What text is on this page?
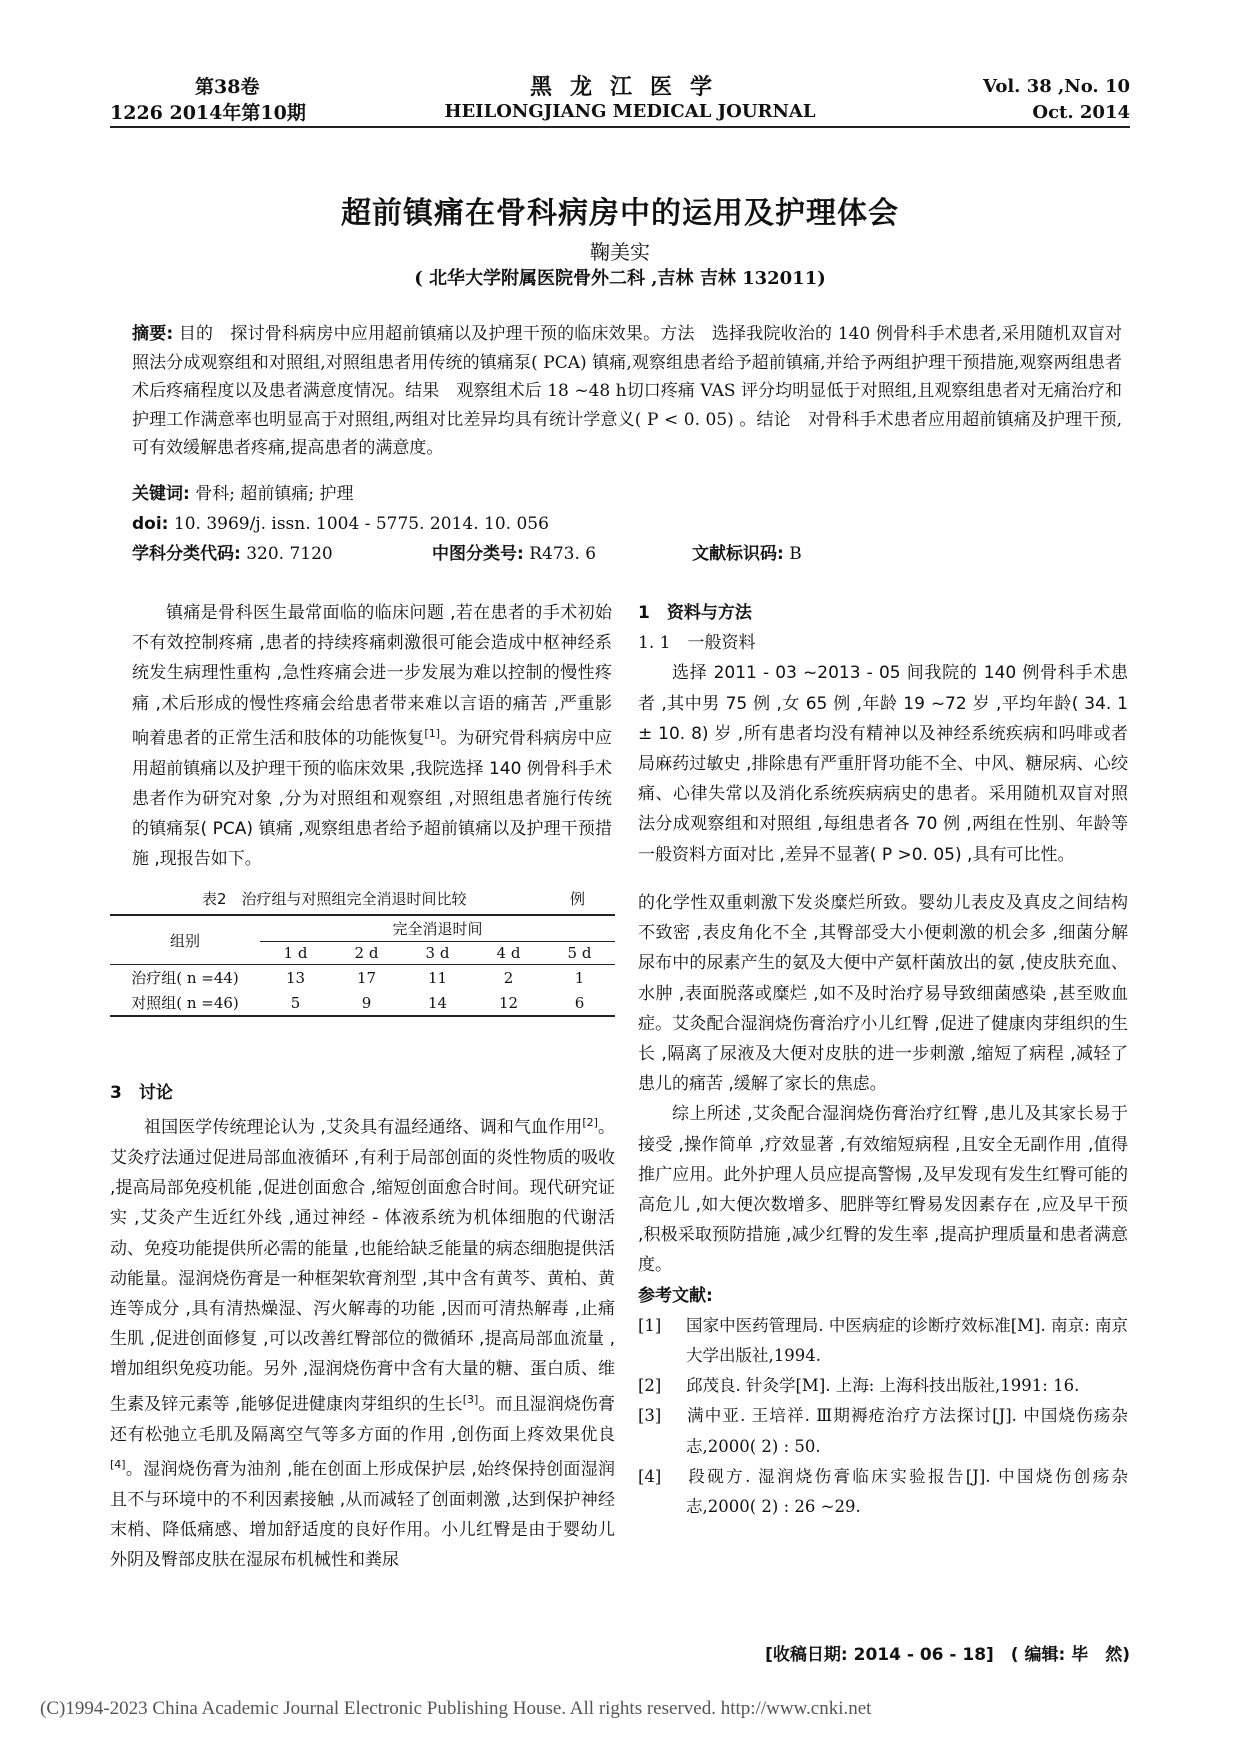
第38卷
1226 2014年第10期
黑龙江医学
HEILONGJIANG MEDICAL JOURNAL
Vol. 38 ,No. 10
Oct. 2014
超前镇痛在骨科病房中的运用及护理体会
鞠美实
( 北华大学附属医院骨外二科 ,吉林 吉林 132011)
摘要: 目的　探讨骨科病房中应用超前镇痛以及护理干预的临床效果。方法　选择我院收治的 140 例骨科手术患者,采用随机双盲对照法分成观察组和对照组,对照组患者用传统的镇痛泵( PCA) 镇痛,观察组患者给予超前镇痛,并给予两组护理干预措施,观察两组患者术后疼痛程度以及患者满意度情况。结果　观察组术后 18 ~48 h切口疼痛 VAS 评分均明显低于对照组,且观察组患者对无痛治疗和护理工作满意率也明显高于对照组,两组对比差异均具有统计学意义( P < 0. 05) 。结论　对骨科手术患者应用超前镇痛及护理干预,可有效缓解患者疼痛,提高患者的满意度。
关键词: 骨科; 超前镇痛; 护理
doi: 10. 3969/j. issn. 1004 - 5775. 2014. 10. 056
学科分类代码: 320. 7120	中图分类号: R473. 6	文献标识码: B

镇痛是骨科医生最常面临的临床问题 ,若在患者的手术初始不有效控制疼痛 ,患者的持续疼痛刺激很可能会造成中枢神经系统发生病理性重构 ,急性疼痛会进一步发展为难以控制的慢性疼痛 ,术后形成的慢性疼痛会给患者带来难以言语的痛苦 ,严重影响着患者的正常生活和肢体的功能恢复[1]。为研究骨科病房中应用超前镇痛以及护理干预的临床效果 ,我院选择 140 例骨科手术患者作为研究对象 ,分为对照组和观察组 ,对照组患者施行传统的镇痛泵( PCA) 镇痛 ,观察组患者给予超前镇痛以及护理干预措施 ,现报告如下。

1　资料与方法

1. 1　一般资料

选择 2011 - 03 ~2013 - 05 间我院的 140 例骨科手术患者 ,其中男 75 例 ,女 65 例 ,年龄 19 ~72 岁 ,平均年龄( 34. 1 ± 10. 8) 岁 ,所有患者均没有精神以及神经系统疾病和吗啡或者局麻药过敏史 ,排除患有严重肝肾功能不全、中风、糖尿病、心绞痛、心律失常以及消化系统疾病病史的患者。采用随机双盲对照法分成观察组和对照组 ,每组患者各 70 例 ,两组在性别、年龄等一般资料方面对比 ,差异不显著( P >0. 05) ,具有可比性。

表2　治疗组与对照组完全消退时间比较	例
组别	完全消退时间				
	1 d	2 d	3 d	4 d	5 d
治疗组( n =44)	13	17	11	2	1
对照组( n =46)	5	9	14	12	6

3　讨论

祖国医学传统理论认为 ,艾灸具有温经通络、调和气血作用[2]。艾灸疗法通过促进局部血液循环 ,有利于局部创面的炎性物质的吸收 ,提高局部免疫机能 ,促进创面愈合 ,缩短创面愈合时间。现代研究证实 ,艾灸产生近红外线 ,通过神经 - 体液系统为机体细胞的代谢活动、免疫功能提供所必需的能量 ,也能给缺乏能量的病态细胞提供活动能量。湿润烧伤膏是一种框架软膏剂型 ,其中含有黄芩、黄柏、黄连等成分 ,具有清热燥湿、泻火解毒的功能 ,因而可清热解毒 ,止痛生肌 ,促进创面修复 ,可以改善红臀部位的微循环 ,提高局部血流量 ,增加组织免疫功能。另外 ,湿润烧伤膏中含有大量的糖、蛋白质、维生素及锌元素等 ,能够促进健康肉芽组织的生长[3]。而且湿润烧伤膏还有松弛立毛肌及隔离空气等多方面的作用 ,创伤面上疼效果优良[4]。湿润烧伤膏为油剂 ,能在创面上形成保护层 ,始终保持创面湿润且不与环境中的不利因素接触 ,从而减轻了创面刺激 ,达到保护神经末梢、降低痛感、增加舒适度的良好作用。小儿红臀是由于婴幼儿外阴及臀部皮肤在湿尿布机械性和粪尿

的化学性双重刺激下发炎糜烂所致。婴幼儿表皮及真皮之间结构不致密 ,表皮角化不全 ,其臀部受大小便刺激的机会多 ,细菌分解尿布中的尿素产生的氨及大便中产氨杆菌放出的氨 ,使皮肤充血、水肿 ,表面脱落或糜烂 ,如不及时治疗易导致细菌感染 ,甚至败血症。艾灸配合湿润烧伤膏治疗小儿红臀 ,促进了健康肉芽组织的生长 ,隔离了尿液及大便对皮肤的进一步刺激 ,缩短了病程 ,减轻了患儿的痛苦 ,缓解了家长的焦虑。

综上所述 ,艾灸配合湿润烧伤膏治疗红臀 ,患儿及其家长易于接受 ,操作简单 ,疗效显著 ,有效缩短病程 ,且安全无副作用 ,值得推广应用。此外护理人员应提高警惕 ,及早发现有发生红臀可能的高危儿 ,如大便次数增多、肥胖等红臀易发因素存在 ,应及早干预 ,积极采取预防措施 ,减少红臀的发生率 ,提高护理质量和患者满意度。

参考文献:

[1] 国家中医药管理局. 中医病症的诊断疗效标准[M]. 南京: 南京大学出版社,1994.

[2] 邱茂良. 针灸学[M]. 上海: 上海科技出版社,1991: 16.

[3] 满中亚. 王培祥. Ⅲ期褥疮治疗方法探讨[J]. 中国烧伤疡杂志,2000( 2) : 50.

[4] 段砚方. 湿润烧伤膏临床实验报告[J]. 中国烧伤创疡杂志,2000( 2) : 26 ~29.

[收稿日期: 2014 - 06 - 18]　( 编辑: 毕　然)
(C)1994-2023 China Academic Journal Electronic Publishing House. All rights reserved. http://www.cnki.net
